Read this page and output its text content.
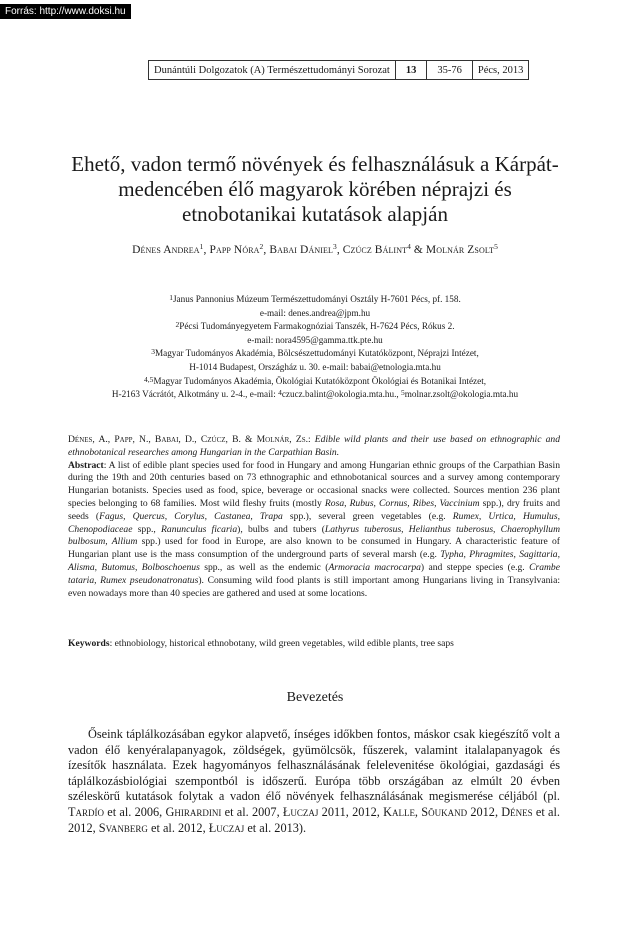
Forrás: http://www.doksi.hu
Dunántúli Dolgozatok (A) Természettudományi Sorozat	13	35-76	Pécs, 2013
Ehető, vadon termő növények és felhasználásuk a Kárpát-medencében élő magyarok körében néprajzi és etnobotanikai kutatások alapján
Dénes Andrea$^1$, Papp Nóra$^2$, Babai Dániel$^3$, Czúcz Bálint$^4$ & Molnár Zsolt$^5$
$^1$Janus Pannonius Múzeum Természettudományi Osztály H-7601 Pécs, pf. 158.
e-mail: denes.andrea@jpm.hu
$^2$Pécsi Tudományegyetem Farmakognóziai Tanszék, H-7624 Pécs, Rókus 2.
e-mail: nora4595@gamma.ttk.pte.hu
$^3$Magyar Tudományos Akadémia, Bölcsészettudományi Kutatóközpont, Néprajzi Intézet,
H-1014 Budapest, Országház u. 30. e-mail: babai@etnologia.mta.hu
$^{4,5}$Magyar Tudományos Akadémia, Ökológiai Kutatóközpont Ökológiai és Botanikai Intézet,
H-2163 Vácrátót, Alkotmány u. 2-4., e-mail: $^4$czucz.balint@okologia.mta.hu., $^5$molnar.zsolt@okologia.mta.hu

Dénes, A., Papp, N., Babai, D., Czúcz, B. & Molnár, Zs.: Edible wild plants and their use based on ethnographic and ethnobotanical researches among Hungarian in the Carpathian Basin.

Abstract: A list of edible plant species used for food in Hungary and among Hungarian ethnic groups of the Carpathian Basin during the 19th and 20th centuries based on 73 ethnographic and ethnobotanical sources and a survey among contemporary Hungarian botanists. Species used as food, spice, beverage or occasional snacks were collected. Sources mention 236 plant species belonging to 68 families. Most wild fleshy fruits (mostly Rosa, Rubus, Cornus, Ribes, Vaccinium spp.), dry fruits and seeds (Fagus, Quercus, Corylus, Castanea, Trapa spp.), several green vegetables (e.g. Rumex, Urtica, Humulus, Chenopodiaceae spp., Ranunculus ficaria), bulbs and tubers (Lathyrus tuberosus, Helianthus tuberosus, Chaerophyllum bulbosum, Allium spp.) used for food in Europe, are also known to be consumed in Hungary. A characteristic feature of Hungarian plant use is the mass consumption of the underground parts of several marsh (e.g. Typha, Phragmites, Sagittaria, Alisma, Butomus, Bolboschoenus spp., as well as the endemic (Armoracia macrocarpa) and steppe species (e.g. Crambe tataria, Rumex pseudonatronatus). Consuming wild food plants is still important among Hungarians living in Transylvania: even nowadays more than 40 species are gathered and used at some locations.

Keywords: ethnobiology, historical ethnobotany, wild green vegetables, wild edible plants, tree saps
Bevezetés
Őseink táplálkozásában egykor alapvető, ínséges időkben fontos, máskor csak kiegészítő volt a vadon élő kenyéralapanyagok, zöldségek, gyümölcsök, fűszerek, valamint italalapanyagok és ízesítők használata. Ezek hagyományos felhasználásának felelevenitése ökológiai, gazdasági és táplálkozásbiológiai szempontból is időszerű. Európa több országában az elmúlt 20 évben széleskörű kutatások folytak a vadon élő növények felhasználásának megismerése céljából (pl. Tardío et al. 2006, Ghirardini et al. 2007, Łuczaj 2011, 2012, Kalle, Sõukand 2012, Dénes et al. 2012, Svanberg et al. 2012, Łuczaj et al. 2013).
